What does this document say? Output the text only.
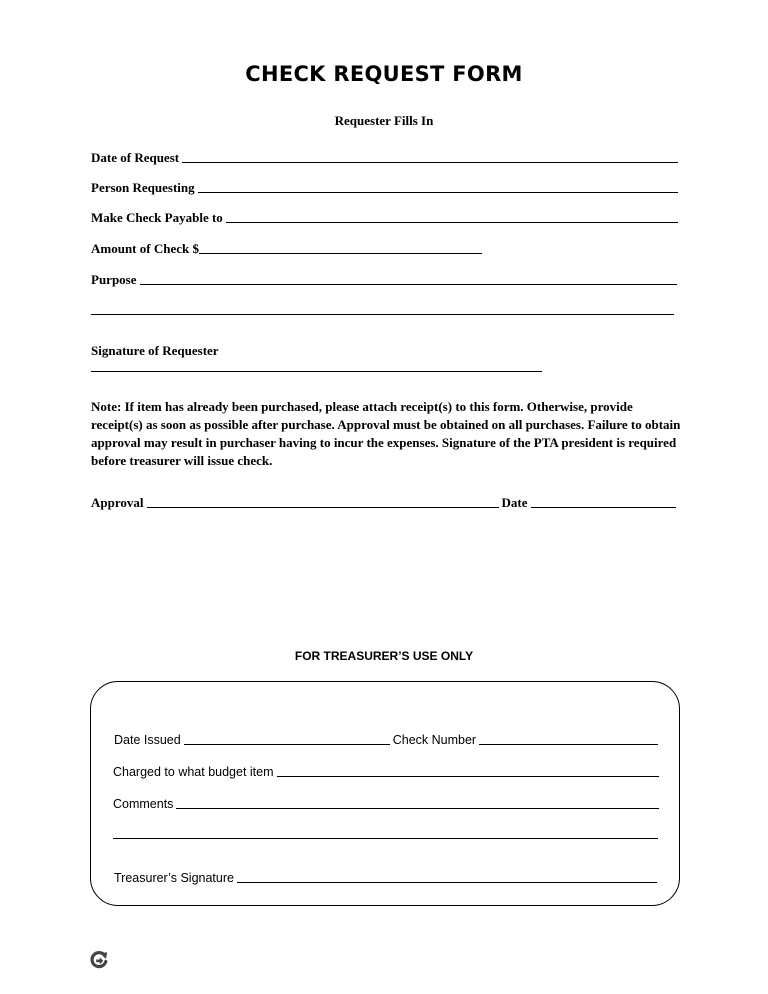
CHECK REQUEST FORM
Requester Fills In
Date of Request
Person Requesting
Make Check Payable to
Amount of Check $
Purpose
Signature of Requester
Note: If item has already been purchased, please attach receipt(s) to this form. Otherwise, provide receipt(s) as soon as possible after purchase. Approval must be obtained on all purchases. Failure to obtain approval may result in purchaser having to incur the expenses. Signature of the PTA president is required before treasurer will issue check.
Approval	Date
FOR TREASURER’S USE ONLY
Date Issued	Check Number
Charged to what budget item
Comments
Treasurer’s Signature
